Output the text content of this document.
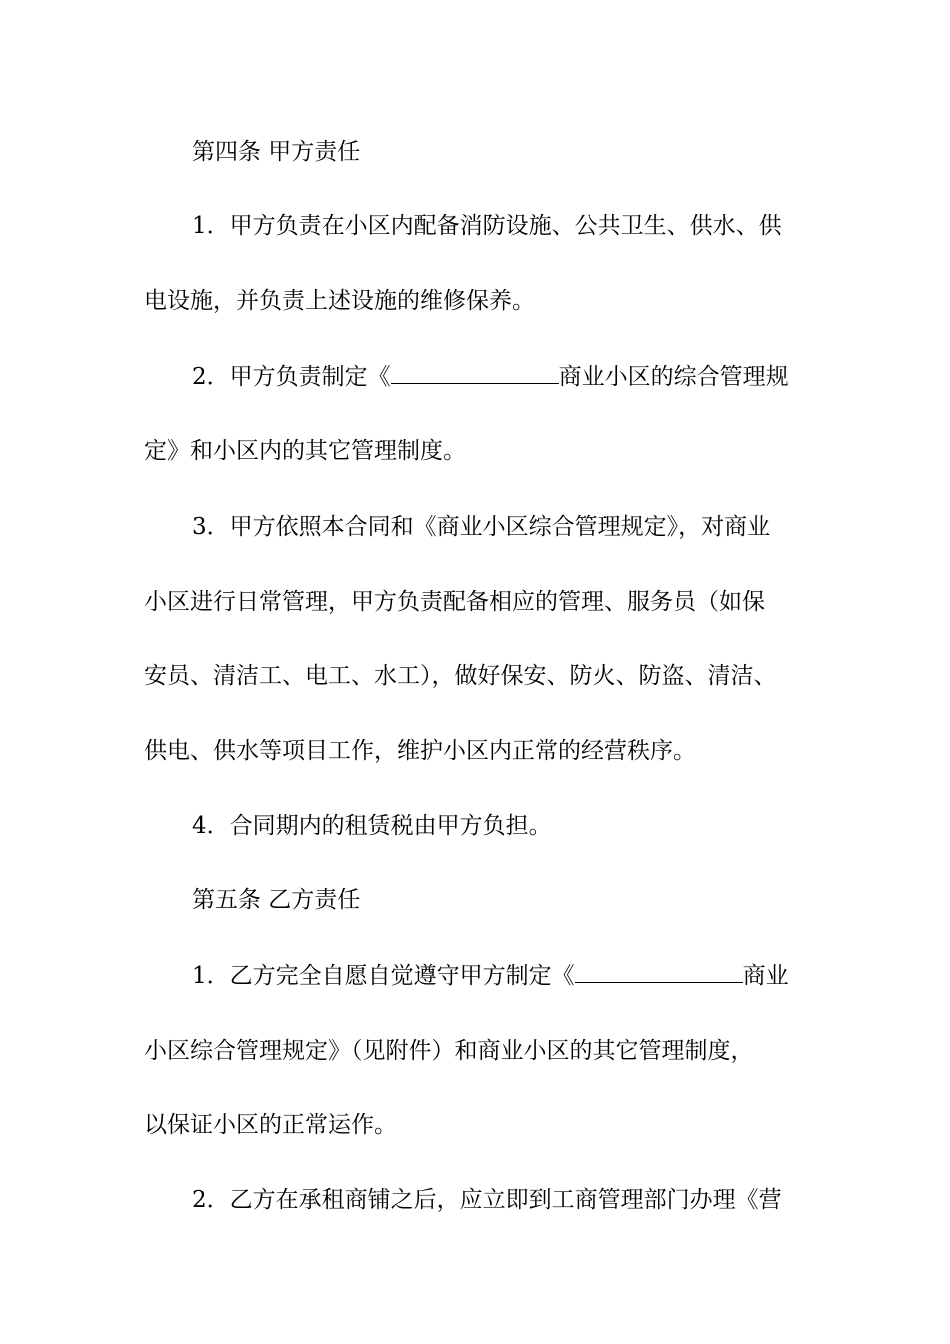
第四条 甲方责任
1．甲方负责在小区内配备消防设施、公共卫生、供水、供
电设施，并负责上述设施的维修保养。
2．甲方负责制定《	商业小区的综合管理规
定》和小区内的其它管理制度。
3．甲方依照本合同和《商业小区综合管理规定》，对商业
小区进行日常管理，甲方负责配备相应的管理、服务员（如保
安员、清洁工、电工、水工），做好保安、防火、防盗、清洁、
供电、供水等项目工作，维护小区内正常的经营秩序。
4．合同期内的租赁税由甲方负担。
第五条 乙方责任
1．乙方完全自愿自觉遵守甲方制定《	商业
小区综合管理规定》（见附件）和商业小区的其它管理制度，
以保证小区的正常运作。
2．乙方在承租商铺之后，应立即到工商管理部门办理《营
